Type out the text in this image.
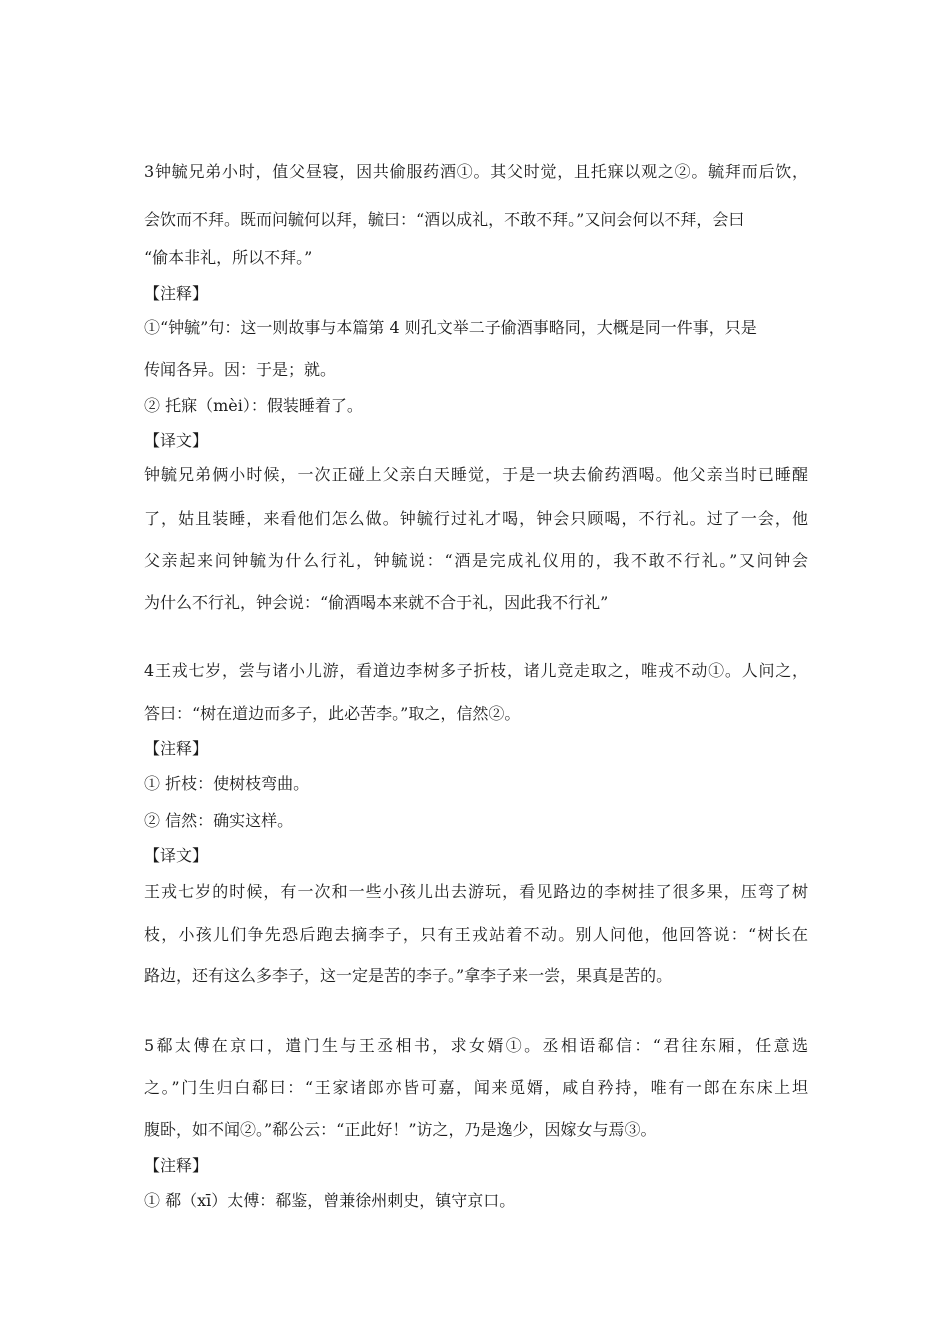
3钟毓兄弟小时，值父昼寝，因共偷服药酒①。其父时觉，且托寐以观之②。毓拜而后饮，
会饮而不拜。既而问毓何以拜，毓曰：“酒以成礼，不敢不拜。”又问会何以不拜，会曰
“偷本非礼，所以不拜。”
【注释】
①“钟毓”句：这一则故事与本篇第 4 则孔文举二子偷酒事略同，大概是同一件事，只是
传闻各异。因：于是；就。
② 托寐（mèi）：假装睡着了。
【译文】
钟毓兄弟俩小时候，一次正碰上父亲白天睡觉，于是一块去偷药酒喝。他父亲当时已睡醒
了，姑且装睡，来看他们怎么做。钟毓行过礼才喝，钟会只顾喝，不行礼。过了一会，他
父亲起来问钟毓为什么行礼，钟毓说：“酒是完成礼仪用的，我不敢不行礼。”又问钟会
为什么不行礼，钟会说：“偷酒喝本来就不合于礼，因此我不行礼”
4王戎七岁，尝与诸小儿游，看道边李树多子折枝，诸儿竞走取之，唯戎不动①。人问之，
答曰：“树在道边而多子，此必苦李。”取之，信然②。
【注释】
① 折枝：使树枝弯曲。
② 信然：确实这样。
【译文】
王戎七岁的时候，有一次和一些小孩儿出去游玩，看见路边的李树挂了很多果，压弯了树
枝，小孩儿们争先恐后跑去摘李子，只有王戎站着不动。别人问他，他回答说：“树长在
路边，还有这么多李子，这一定是苦的李子。”拿李子来一尝，果真是苦的。
5郗太傅在京口，遣门生与王丞相书，求女婿①。丞相语郗信：“君往东厢，任意选
之。”门生归白郗曰：“王家诸郎亦皆可嘉，闻来觅婿，咸自矜持，唯有一郎在东床上坦
腹卧，如不闻②。”郗公云：“正此好！”访之，乃是逸少，因嫁女与焉③。
【注释】
① 郗（xī）太傅：郗鉴，曾兼徐州刺史，镇守京口。
